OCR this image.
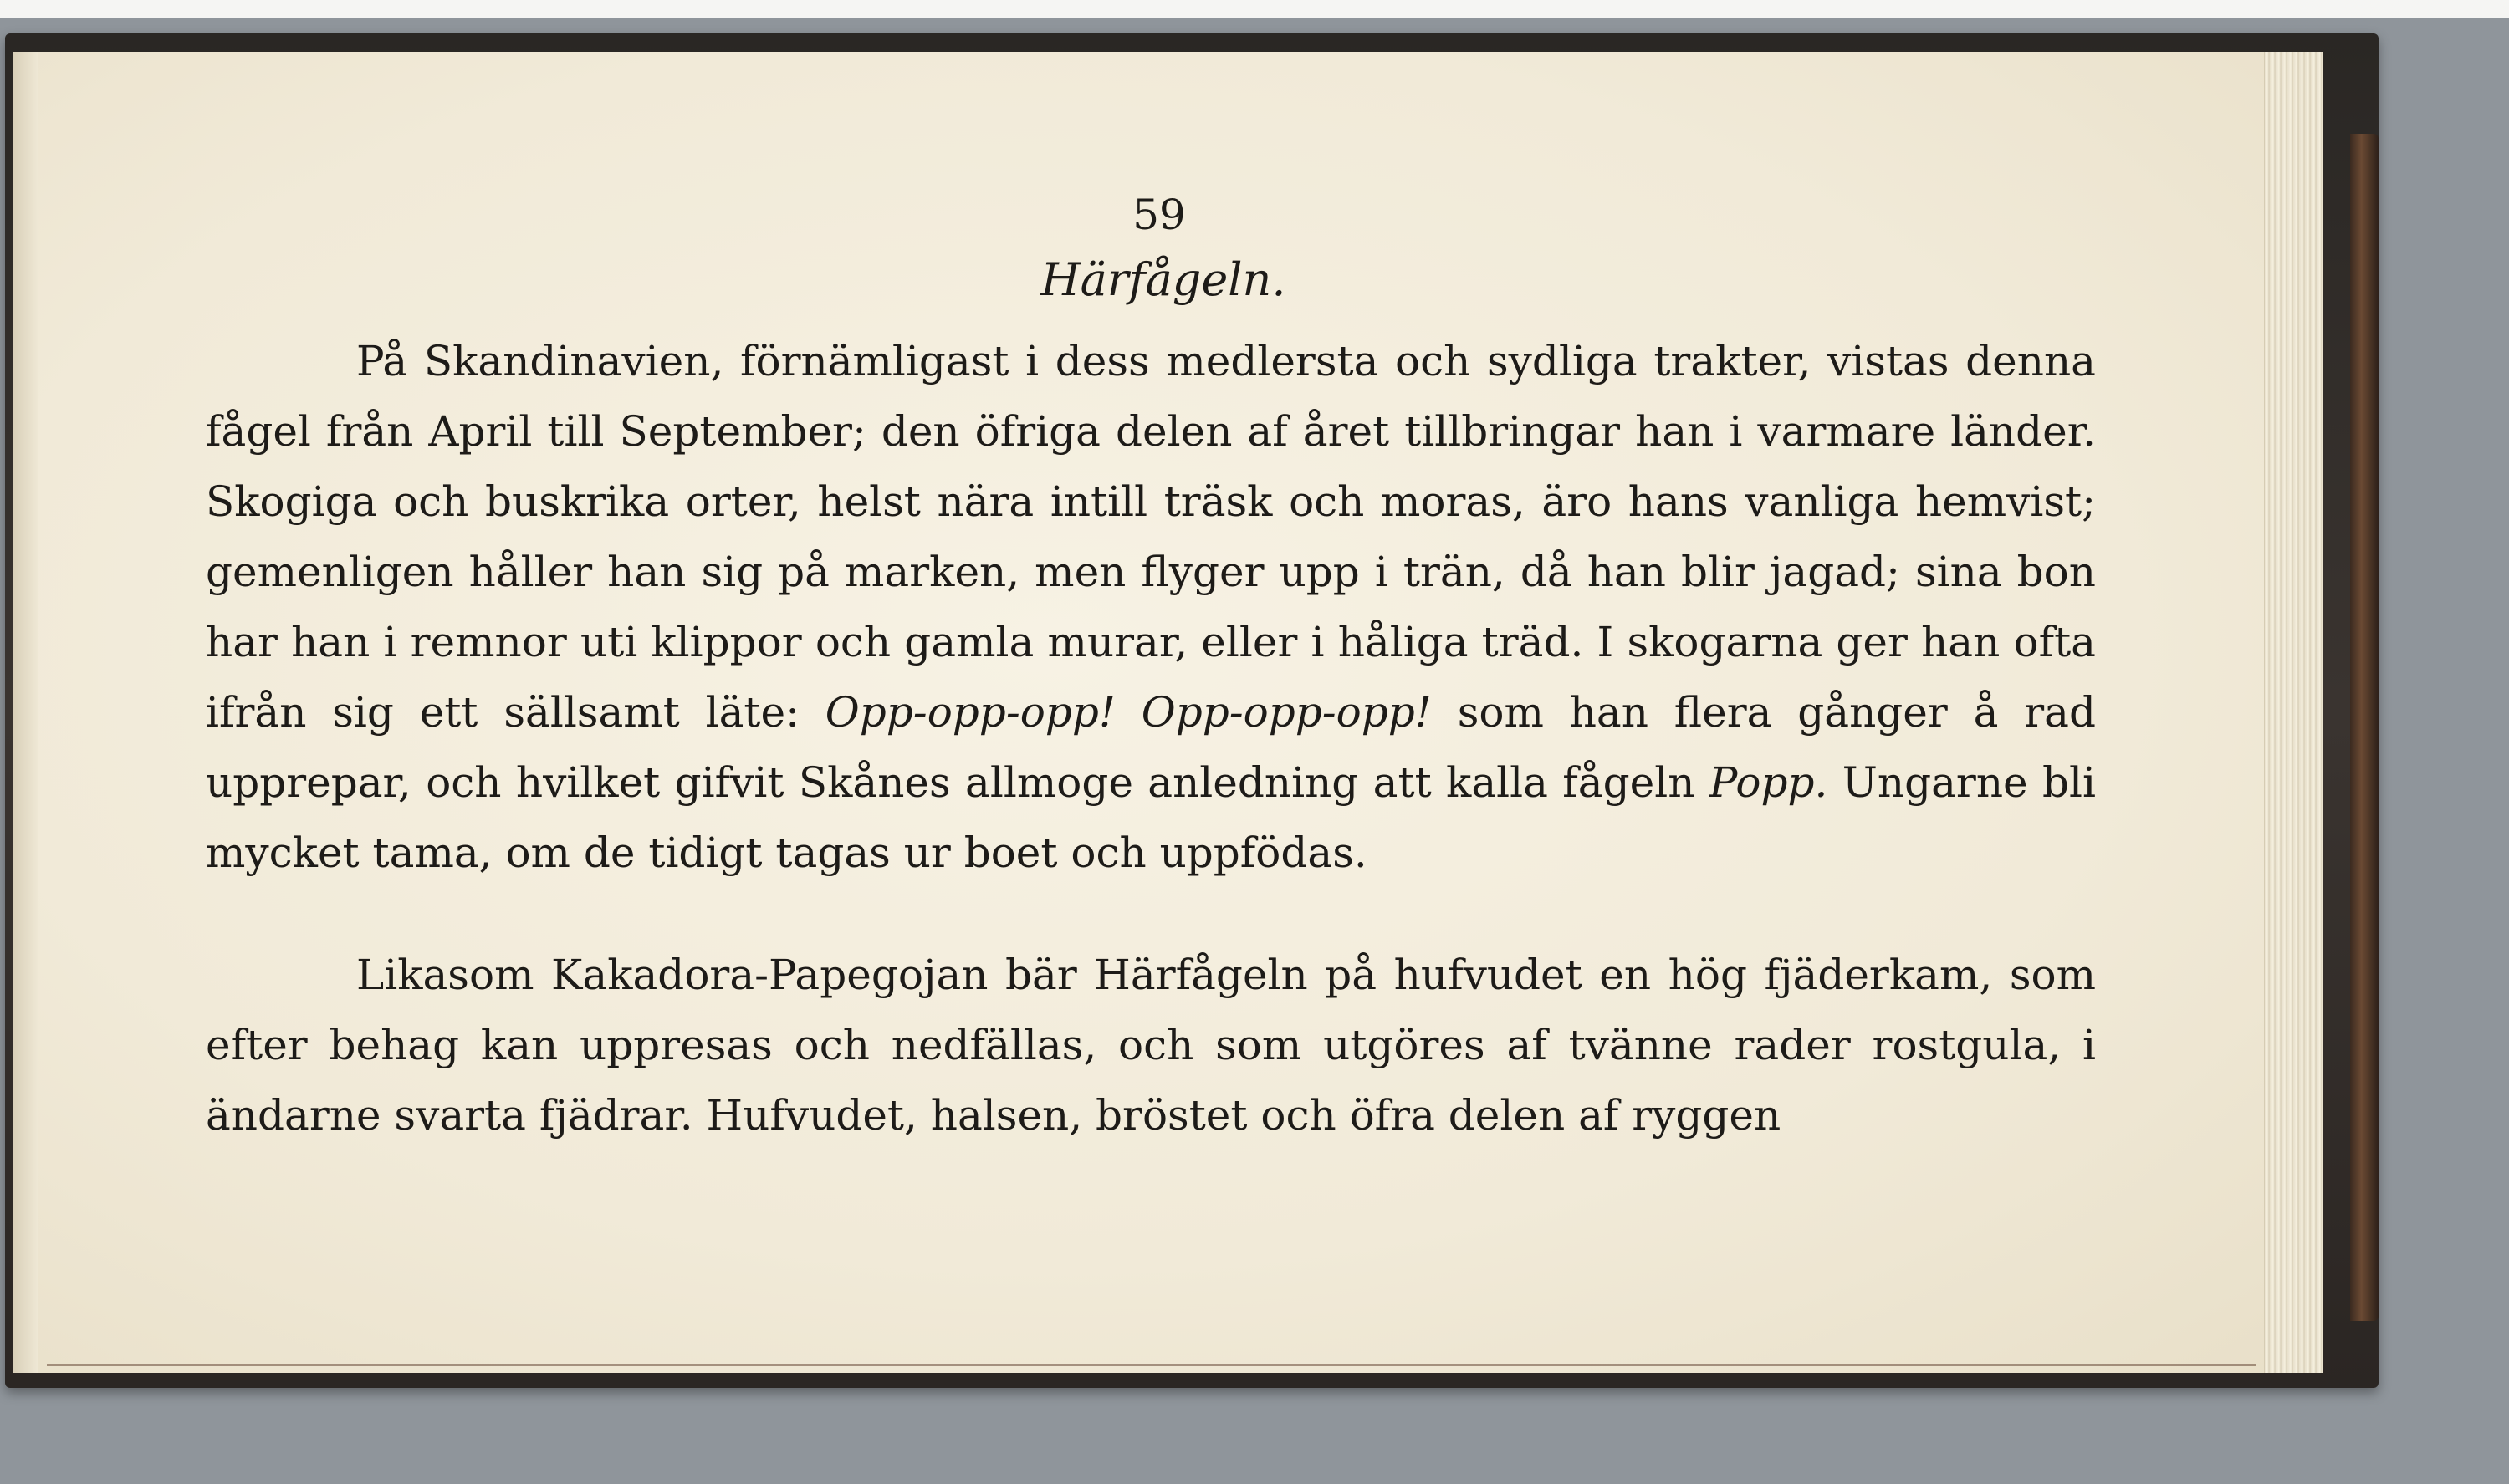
59
Härfågeln.

På Skandinavien, förnämligast i dess medlersta och sydliga trakter, vistas denna fågel från April till September; den öfriga delen af året tillbringar han i varmare länder. Skogiga och buskrika orter, helst nära intill träsk och moras, äro hans vanliga hemvist; gemenligen håller han sig på marken, men flyger upp i trän, då han blir jagad; sina bon har han i remnor uti klippor och gamla murar, eller i håliga träd. I skogarna ger han ofta ifrån sig ett sällsamt läte: Opp-opp-opp! Opp-opp-opp! som han flera gånger å rad upprepar, och hvilket gifvit Skånes allmoge anledning att kalla fågeln Popp. Ungarne bli mycket tama, om de tidigt tagas ur boet och uppfödas.

Likasom Kakadora-Papegojan bär Härfågeln på hufvudet en hög fjäderkam, som efter behag kan uppresas och nedfällas, och som utgöres af tvänne rader rostgula, i ändarne svarta fjädrar. Hufvudet, halsen, bröstet och öfra delen af ryggen
